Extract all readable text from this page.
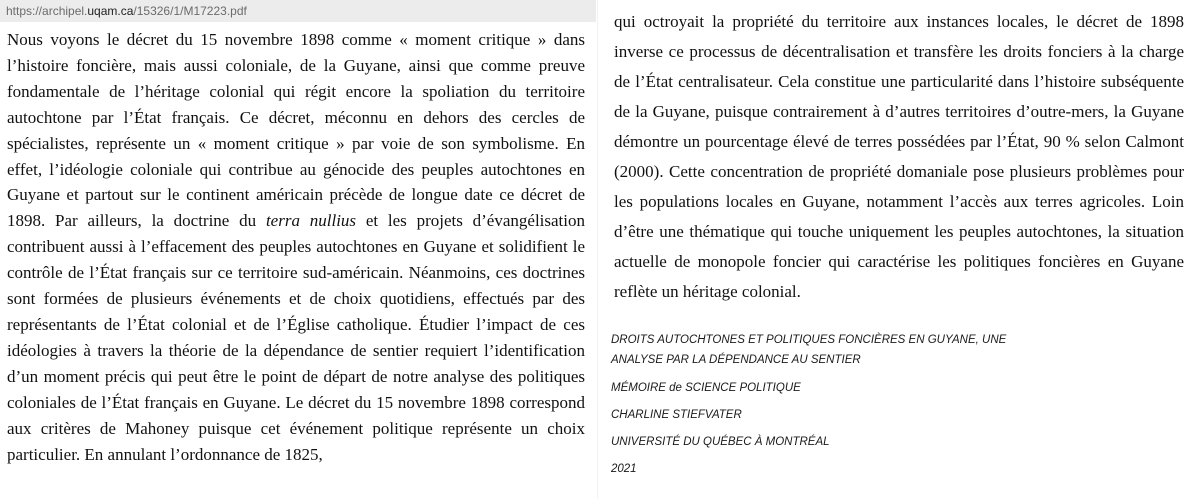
https://archipel.uqam.ca/15326/1/M17223.pdf

Nous voyons le décret du 15 novembre 1898 comme « moment critique » dans l’histoire foncière, mais aussi coloniale, de la Guyane, ainsi que comme preuve fondamentale de l’héritage colonial qui régit encore la spoliation du territoire autochtone par l’État français. Ce décret, méconnu en dehors des cercles de spécialistes, représente un « moment critique » par voie de son symbolisme. En effet, l’idéologie coloniale qui contribue au génocide des peuples autochtones en Guyane et partout sur le continent américain précède de longue date ce décret de 1898. Par ailleurs, la doctrine du terra nullius et les projets d’évangélisation contribuent aussi à l’effacement des peuples autochtones en Guyane et solidifient le contrôle de l’État français sur ce territoire sud-américain. Néanmoins, ces doctrines sont formées de plusieurs événements et de choix quotidiens, effectués par des représentants de l’État colonial et de l’Église catholique. Étudier l’impact de ces idéologies à travers la théorie de la dépendance de sentier requiert l’identification d’un moment précis qui peut être le point de départ de notre analyse des politiques coloniales de l’État français en Guyane. Le décret du 15 novembre 1898 correspond aux critères de Mahoney puisque cet événement politique représente un choix particulier. En annulant l’ordonnance de 1825,

qui octroyait la propriété du territoire aux instances locales, le décret de 1898 inverse ce processus de décentralisation et transfère les droits fonciers à la charge de l’État centralisateur. Cela constitue une particularité dans l’histoire subséquente de la Guyane, puisque contrairement à d’autres territoires d’outre-mers, la Guyane démontre un pourcentage élevé de terres possédées par l’État, 90 % selon Calmont (2000). Cette concentration de propriété domaniale pose plusieurs problèmes pour les populations locales en Guyane, notamment l’accès aux terres agricoles. Loin d’être une thématique qui touche uniquement les peuples autochtones, la situation actuelle de monopole foncier qui caractérise les politiques foncières en Guyane reflète un héritage colonial.

DROITS AUTOCHTONES ET POLITIQUES FONCIÈRES EN GUYANE, UNE
ANALYSE PAR LA DÉPENDANCE AU SENTIER
MÉMOIRE de SCIENCE POLITIQUE
CHARLINE STIEFVATER
UNIVERSITÉ DU QUÉBEC À MONTRÉAL
2021
